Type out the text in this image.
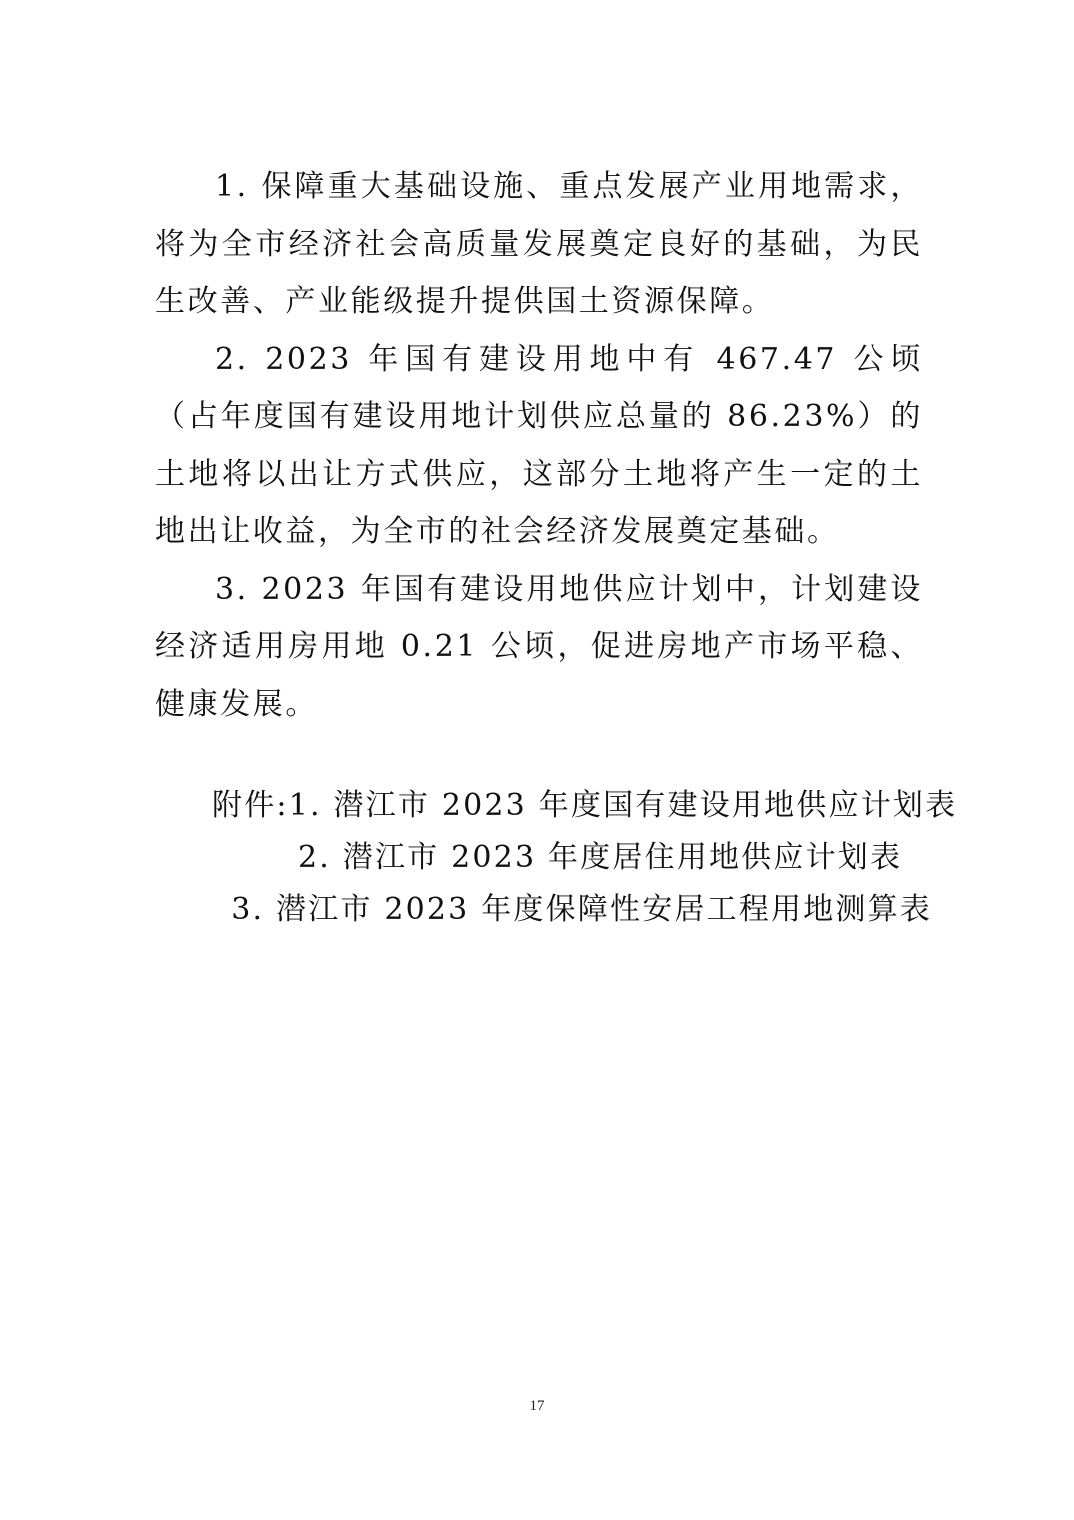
1. 保障重大基础设施、重点发展产业用地需求，将为全市经济社会高质量发展奠定良好的基础，为民生改善、产业能级提升提供国土资源保障。

2. 2023 年国有建设用地中有 467.47 公顷（占年度国有建设用地计划供应总量的 86.23%）的土地将以出让方式供应，这部分土地将产生一定的土地出让收益，为全市的社会经济发展奠定基础。

3. 2023 年国有建设用地供应计划中，计划建设经济适用房用地 0.21 公顷，促进房地产市场平稳、健康发展。

附件: 1. 潜江市 2023 年度国有建设用地供应计划表
2. 潜江市 2023 年度居住用地供应计划表
3. 潜江市 2023 年度保障性安居工程用地测算表
17
